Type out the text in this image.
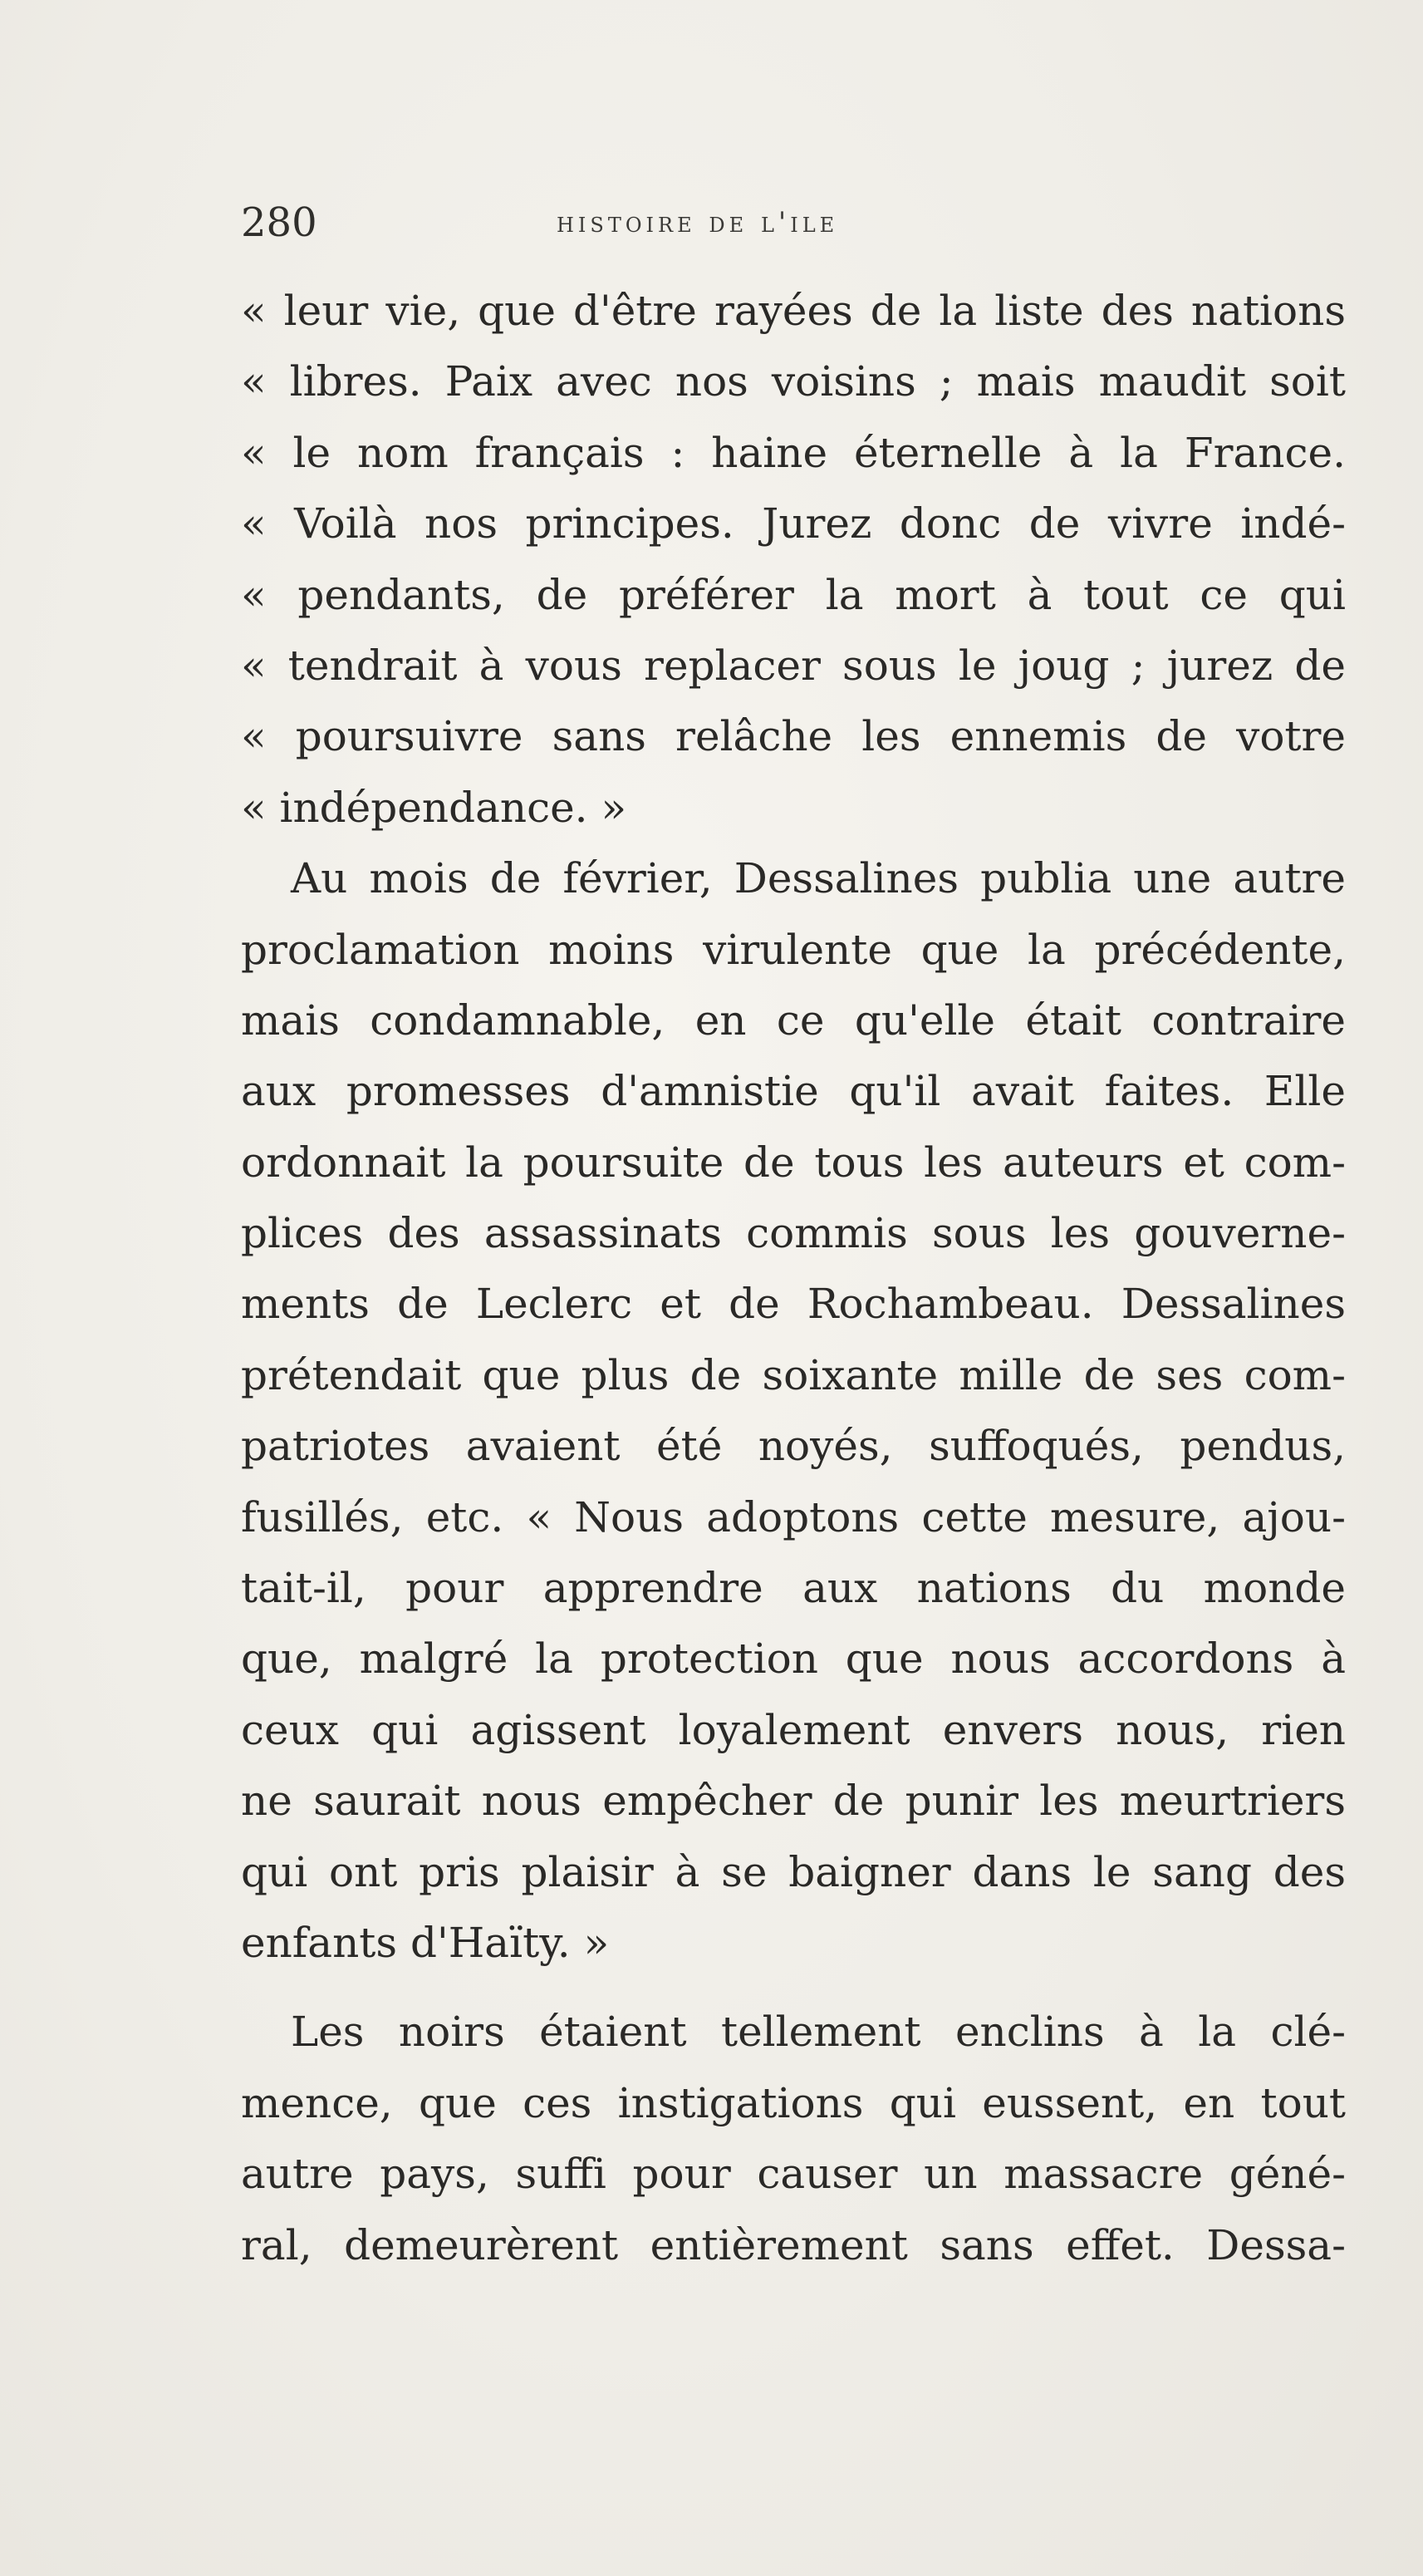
280	histoire de l'ile
« leur vie, que d'être rayées de la liste des nations
« libres. Paix avec nos voisins ; mais maudit soit
« le nom français : haine éternelle à la France.
« Voilà nos principes. Jurez donc de vivre indé-
« pendants, de préférer la mort à tout ce qui
« tendrait à vous replacer sous le joug ; jurez de
« poursuivre sans relâche les ennemis de votre
« indépendance. »
Au mois de février, Dessalines publia une autre
proclamation moins virulente que la précédente,
mais condamnable, en ce qu'elle était contraire
aux promesses d'amnistie qu'il avait faites. Elle
ordonnait la poursuite de tous les auteurs et com-
plices des assassinats commis sous les gouverne-
ments de Leclerc et de Rochambeau. Dessalines
prétendait que plus de soixante mille de ses com-
patriotes avaient été noyés, suffoqués, pendus,
fusillés, etc. « Nous adoptons cette mesure, ajou-
tait-il, pour apprendre aux nations du monde
que, malgré la protection que nous accordons à
ceux qui agissent loyalement envers nous, rien
ne saurait nous empêcher de punir les meurtriers
qui ont pris plaisir à se baigner dans le sang des
enfants d'Haïty. »
Les noirs étaient tellement enclins à la clé-
mence, que ces instigations qui eussent, en tout
autre pays, suffi pour causer un massacre géné-
ral, demeurèrent entièrement sans effet. Dessa-
